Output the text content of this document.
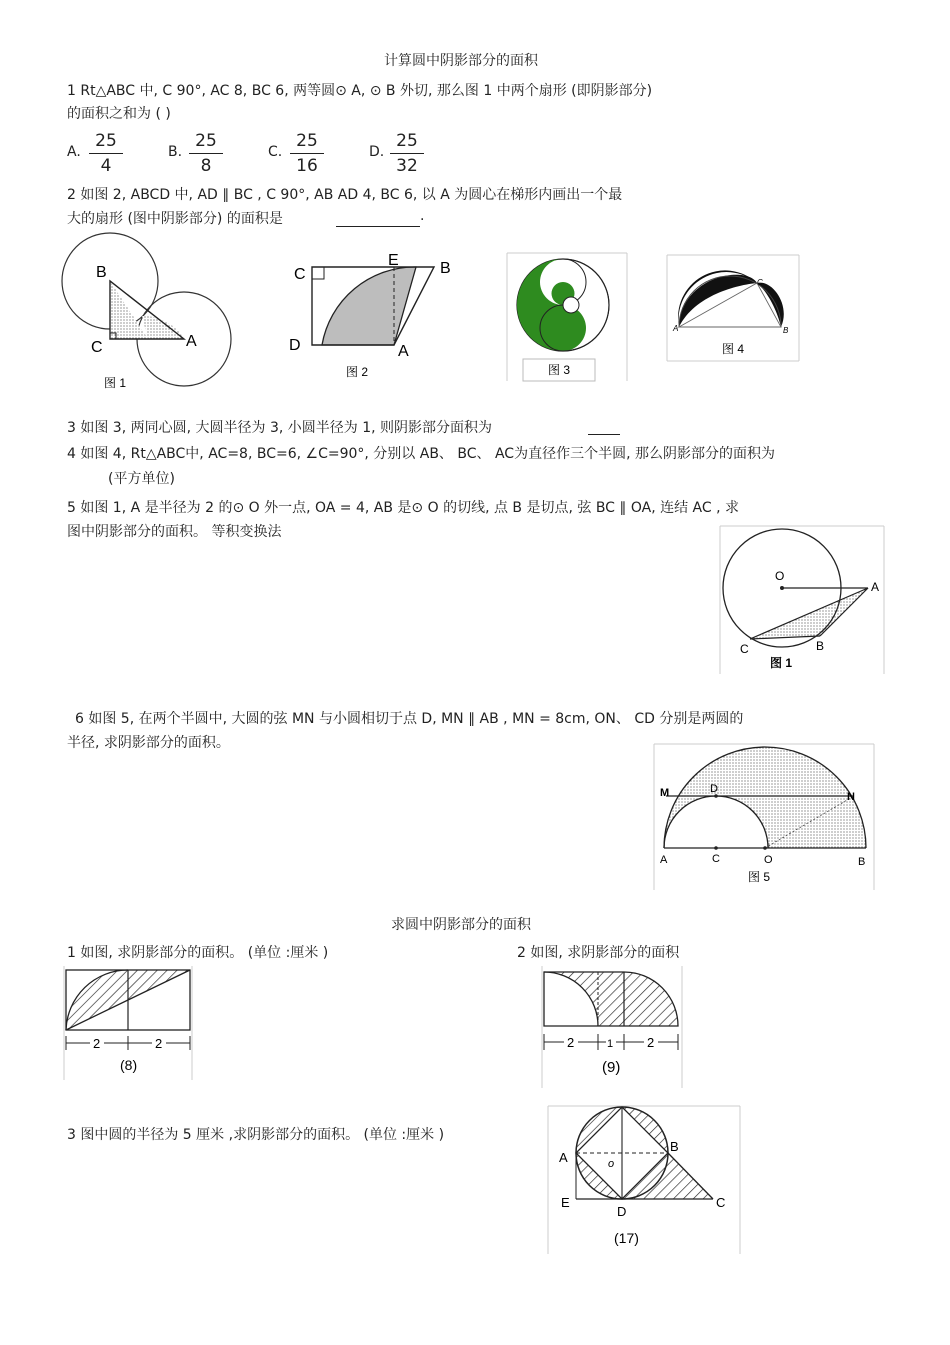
计算圆中阴影部分的面积
1 Rt△ABC 中, C 90°, AC 8, BC 6, 两等圆⊙ A, ⊙ B 外切, 那么图 1 中两个扇形 (即阴影部分)
的面积之和为 ( )
A. $\frac{25}{4}$	B. $\frac{25}{8}$	C. $\frac{25}{16}$	D. $\frac{25}{32}$
2 如图 2, ABCD 中, AD ∥ BC , C 90°, AB AD 4, BC 6, 以 A 为圆心在梯形内画出一个最
大的扇形 (图中阴影部分) 的面积是	.
B
C	A
图 1
C
E	B
D	A
图 2	图 3
A
C
B
图 4
3 如图 3, 两同心圆, 大圆半径为 3, 小圆半径为 1, 则阴影部分面积为
4 如图 4, Rt△ABC中, AC=8, BC=6, ∠C=90°, 分别以 AB、 BC、 AC为直径作三个半圆, 那么阴影部分的面积为
(平方单位)
5 如图 1, A 是半径为 2 的⊙ O 外一点, OA = 4, AB 是⊙ O 的切线, 点 B 是切点, 弦 BC ∥ OA, 连结 AC , 求
图中阴影部分的面积。 等积变换法
O
A
C	B
图 1
6 如图 5, 在两个半圆中, 大圆的弦 MN 与小圆相切于点 D, MN ∥ AB , MN = 8cm, ON、 CD 分别是两圆的
半径, 求阴影部分的面积。
M	D
N
A	C	O	B
图 5
求圆中阴影部分的面积
1 如图, 求阴影部分的面积。 (单位 :厘米 )	2 如图, 求阴影部分的面积
2	2
(8)
2	1	2
(9)
3 图中圆的半径为 5 厘米 ,求阴影部分的面积。 (单位 :厘米 )
A
B
o
E
D
C
(17)
